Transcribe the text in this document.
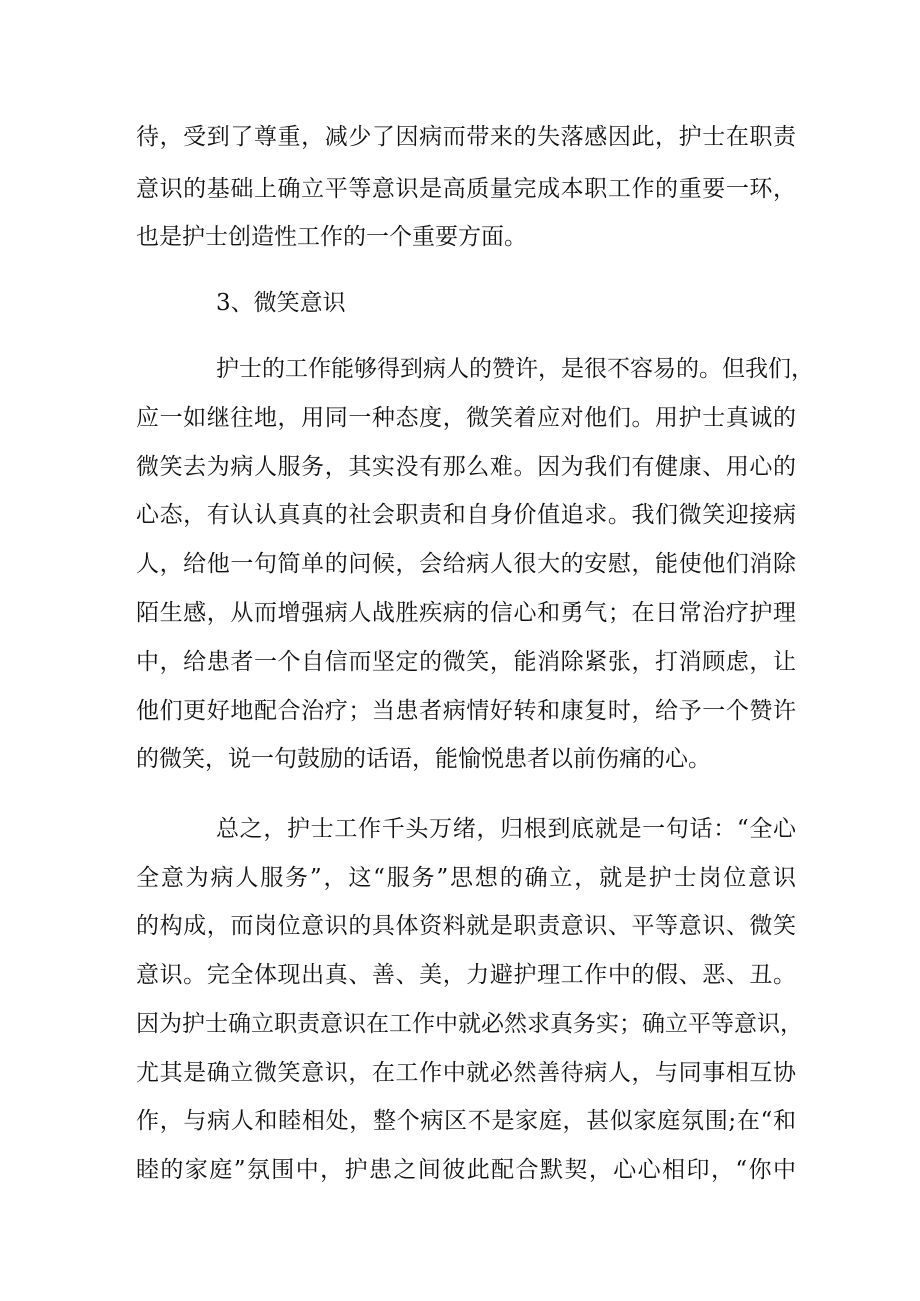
待，受到了尊重，减少了因病而带来的失落感因此，护士在职责
意识的基础上确立平等意识是高质量完成本职工作的重要一环，
也是护士创造性工作的一个重要方面。
3、微笑意识
护士的工作能够得到病人的赞许，是很不容易的。但我们，
应一如继往地，用同一种态度，微笑着应对他们。用护士真诚的
微笑去为病人服务，其实没有那么难。因为我们有健康、用心的
心态，有认认真真的社会职责和自身价值追求。我们微笑迎接病
人，给他一句简单的问候，会给病人很大的安慰，能使他们消除
陌生感，从而增强病人战胜疾病的信心和勇气；在日常治疗护理
中，给患者一个自信而坚定的微笑，能消除紧张，打消顾虑，让
他们更好地配合治疗；当患者病情好转和康复时，给予一个赞许
的微笑，说一句鼓励的话语，能愉悦患者以前伤痛的心。
总之，护士工作千头万绪，归根到底就是一句话：“全心
全意为病人服务”，这“服务”思想的确立，就是护士岗位意识
的构成，而岗位意识的具体资料就是职责意识、平等意识、微笑
意识。完全体现出真、善、美，力避护理工作中的假、恶、丑。
因为护士确立职责意识在工作中就必然求真务实；确立平等意识，
尤其是确立微笑意识，在工作中就必然善待病人，与同事相互协
作，与病人和睦相处，整个病区不是家庭，甚似家庭氛围;在“和
睦的家庭”氛围中，护患之间彼此配合默契，心心相印，“你中
